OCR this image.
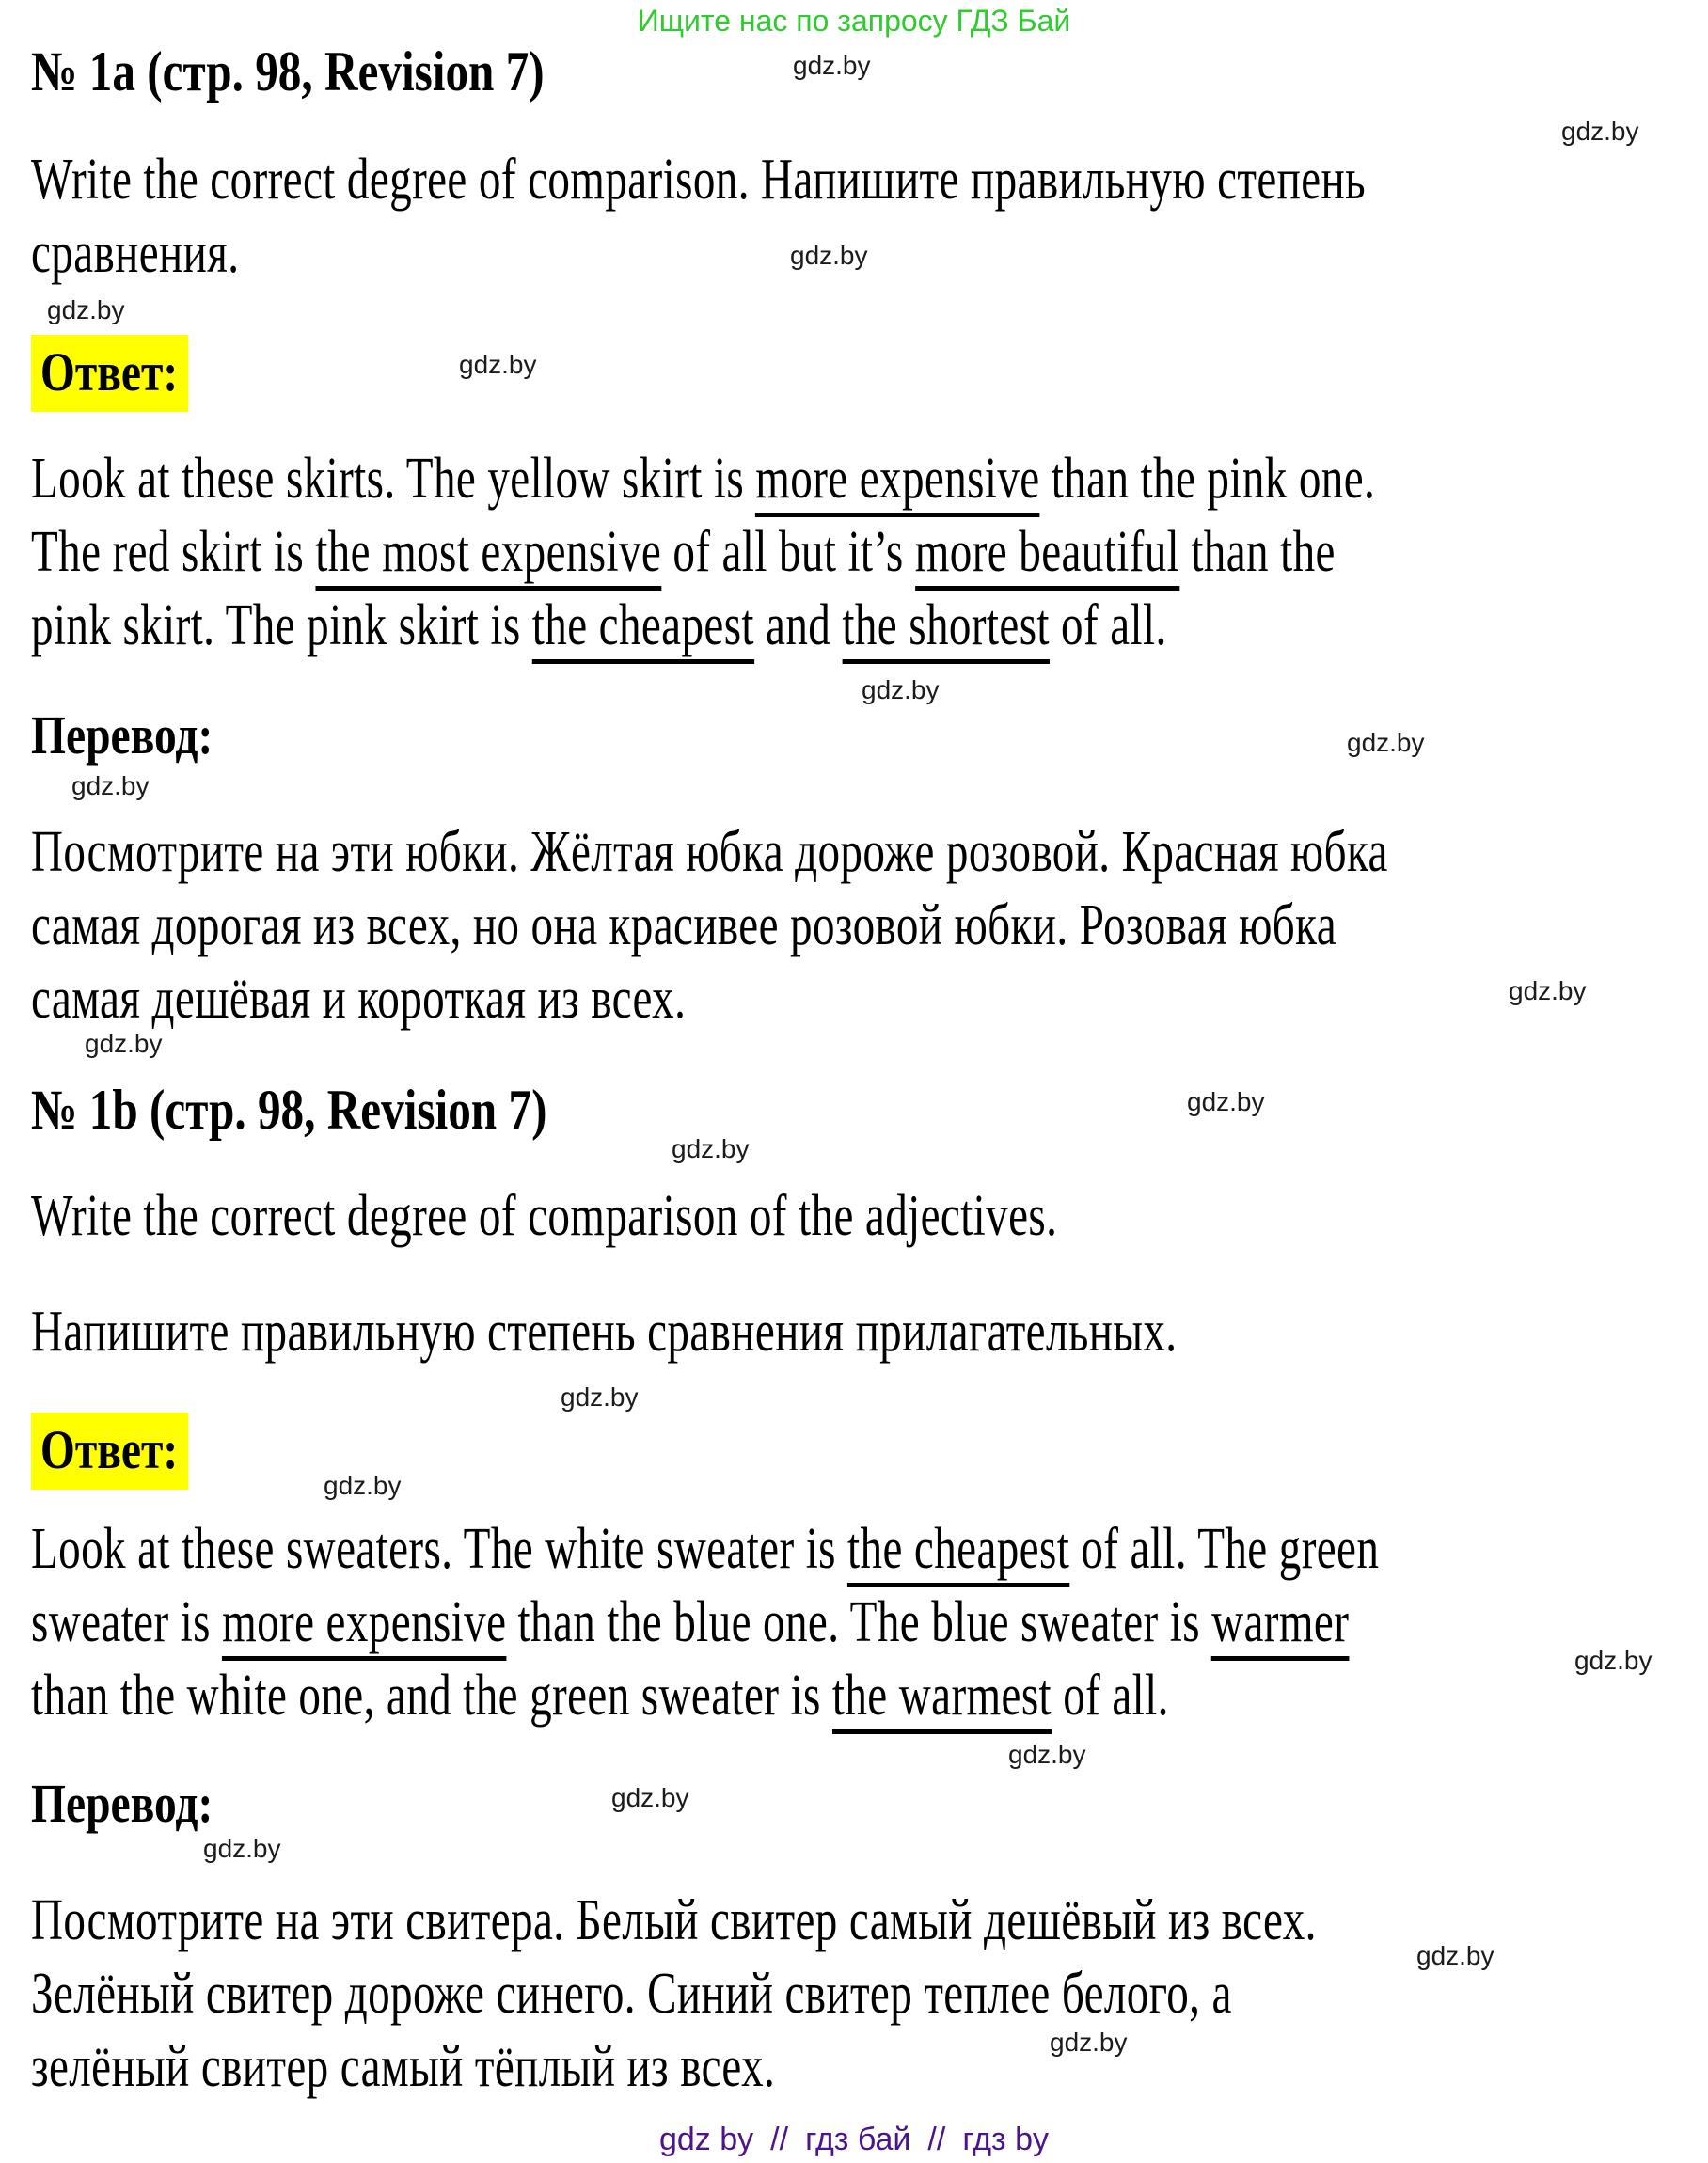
Ищите нас по запросу ГДЗ Бай
№ 1a (стр. 98, Revision 7)
Write the correct degree of comparison. Напишите правильную степень
сравнения.
Ответ:
Look at these skirts. The yellow skirt is more expensive than the pink one.
The red skirt is the most expensive of all but it’s more beautiful than the
pink skirt. The pink skirt is the cheapest and the shortest of all.
Перевод:
Посмотрите на эти юбки. Жёлтая юбка дороже розовой. Красная юбка
самая дорогая из всех, но она красивее розовой юбки. Розовая юбка
самая дешёвая и короткая из всех.
№ 1b (стр. 98, Revision 7)
Write the correct degree of comparison of the adjectives.
Напишите правильную степень сравнения прилагательных.
Ответ:
Look at these sweaters. The white sweater is the cheapest of all. The green
sweater is more expensive than the blue one. The blue sweater is warmer
than the white one, and the green sweater is the warmest of all.
Перевод:
Посмотрите на эти свитера. Белый свитер самый дешёвый из всех.
Зелёный свитер дороже синего. Синий свитер теплее белого, а
зелёный свитер самый тёплый из всех.
gdz.by
gdz.by
gdz.by
gdz.by
gdz.by
gdz.by
gdz.by
gdz.by
gdz.by
gdz.by
gdz.by
gdz.by
gdz.by
gdz.by
gdz.by
gdz.by
gdz.by
gdz.by
gdz.by
gdz.by
gdz by // гдз бай // гдз by
